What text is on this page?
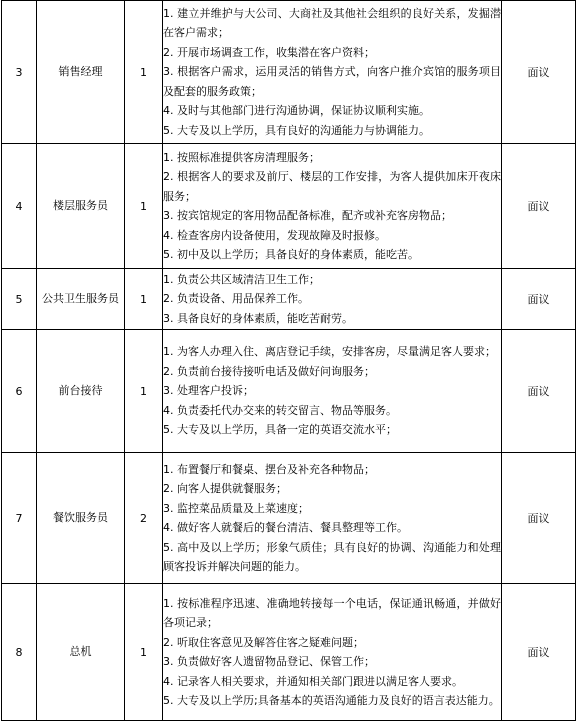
3	销售经理	1	1. 建立并维护与大公司、大商社及其他社会组织的良好关系，发掘潜在客户需求；
2. 开展市场调查工作，收集潜在客户资料；
3. 根据客户需求，运用灵活的销售方式，向客户推介宾馆的服务项目及配套的服务政策；
4. 及时与其他部门进行沟通协调，保证协议顺利实施。
5. 大专及以上学历，具有良好的沟通能力与协调能力。	面议
4	楼层服务员	1	1. 按照标准提供客房清理服务；
2. 根据客人的要求及前厅、楼层的工作安排，为客人提供加床开夜床服务；
3. 按宾馆规定的客用物品配备标准，配齐或补充客房物品；
4. 检查客房内设备使用，发现故障及时报修。
5. 初中及以上学历；具备良好的身体素质，能吃苦。	面议
5	公共卫生服务员	1	1. 负责公共区域清洁卫生工作；
2. 负责设备、用品保养工作。
3. 具备良好的身体素质，能吃苦耐劳。	面议
6	前台接待	1	1. 为客人办理入住、离店登记手续，安排客房，尽量满足客人要求；
2. 负责前台接待接听电话及做好问询服务；
3. 处理客户投诉；
4. 负责委托代办交来的转交留言、物品等服务。
5. 大专及以上学历，具备一定的英语交流水平；	面议
7	餐饮服务员	2	1. 布置餐厅和餐桌、摆台及补充各种物品；
2. 向客人提供就餐服务；
3. 监控菜品质量及上菜速度；
4. 做好客人就餐后的餐台清洁、餐具整理等工作。
5. 高中及以上学历；形象气质佳；具有良好的协调、沟通能力和处理顾客投诉并解决问题的能力。	面议
8	总机	1	1. 按标准程序迅速、准确地转接每一个电话，保证通讯畅通，并做好各项记录；
2. 听取住客意见及解答住客之疑难问题；
3. 负责做好客人遗留物品登记、保管工作；
4. 记录客人相关要求，并通知相关部门跟进以满足客人要求。
5. 大专及以上学历;具备基本的英语沟通能力及良好的语言表达能力。	面议
